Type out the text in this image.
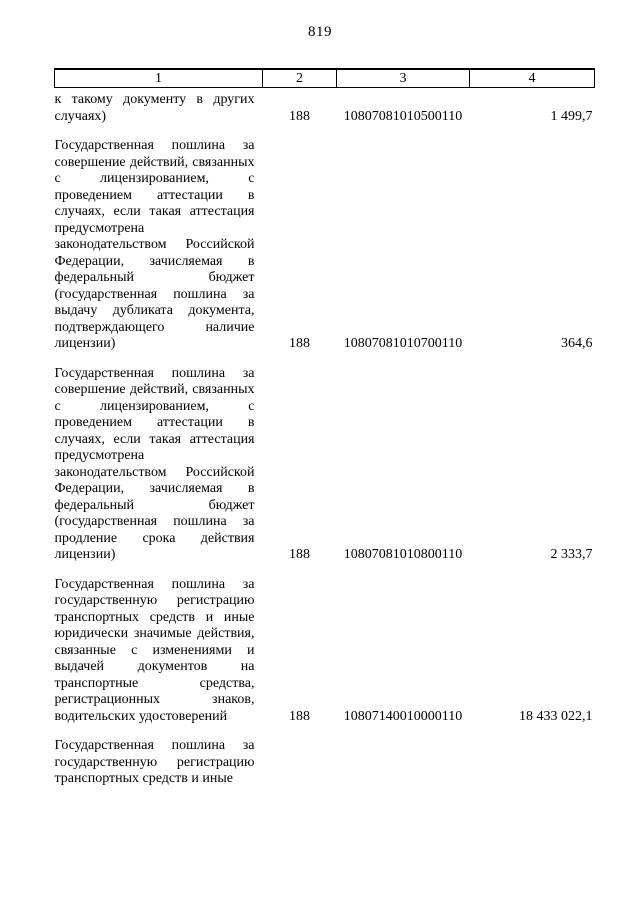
819
1	2	3	4
к такому документу в других случаях)	188	10807081010500110	1 499,7
Государственная пошлина за совершение действий, связанных с лицензированием, с проведением аттестации в случаях, если такая аттестация предусмотрена законодательством Российской Федерации, зачисляемая в федеральный бюджет (государственная пошлина за выдачу дубликата документа, подтверждающего наличие лицензии)	188	10807081010700110	364,6
Государственная пошлина за совершение действий, связанных с лицензированием, с проведением аттестации в случаях, если такая аттестация предусмотрена законодательством Российской Федерации, зачисляемая в федеральный бюджет (государственная пошлина за продление срока действия лицензии)	188	10807081010800110	2 333,7
Государственная пошлина за государственную регистрацию транспортных средств и иные юридически значимые действия, связанные с изменениями и выдачей документов на транспортные средства, регистрационных знаков, водительских удостоверений	188	10807140010000110	18 433 022,1
Государственная пошлина за государственную регистрацию транспортных средств и иные			
